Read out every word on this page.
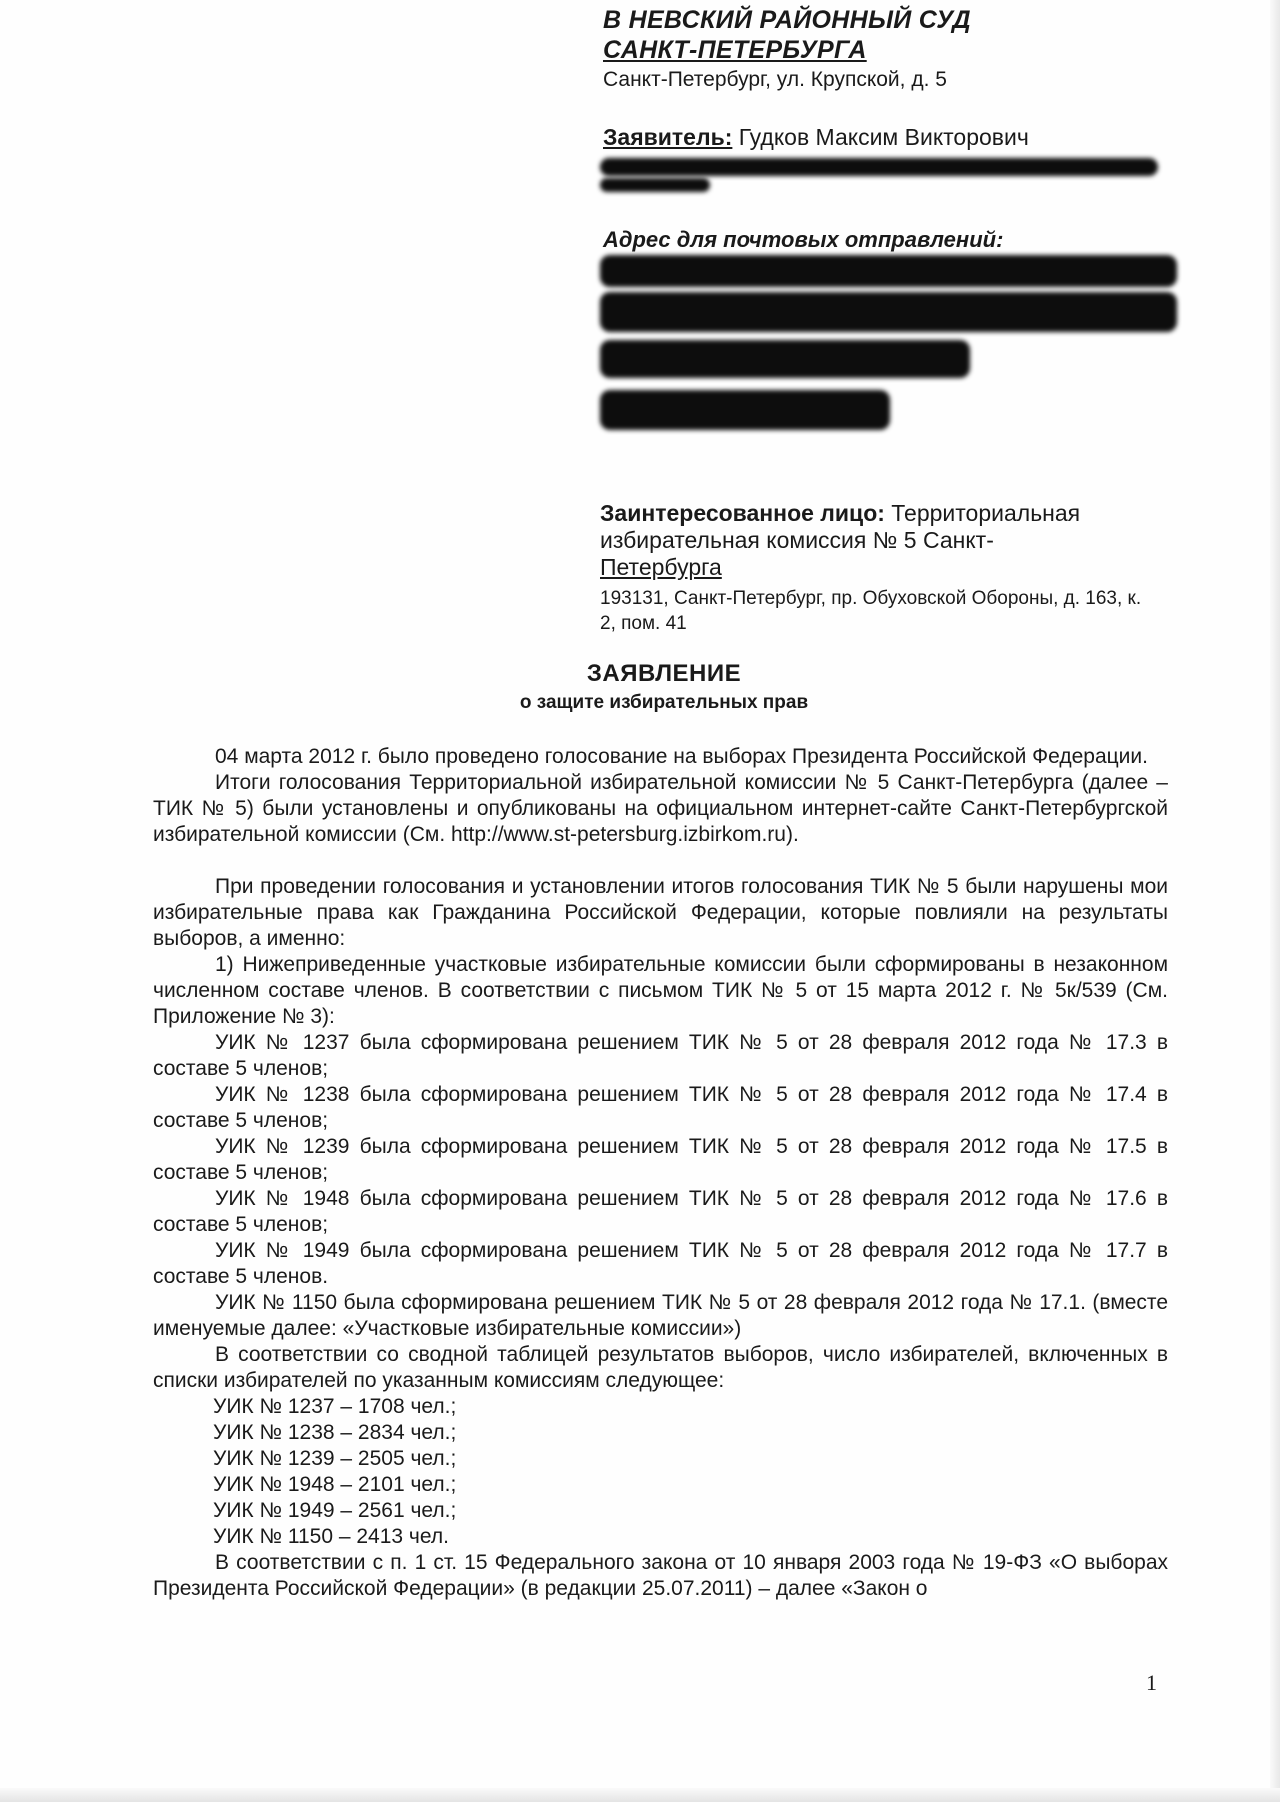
В НЕВСКИЙ РАЙОННЫЙ СУД
САНКТ-ПЕТЕРБУРГА
Санкт-Петербург, ул. Крупской, д. 5
Заявитель: Гудков Максим Викторович
Адрес для почтовых отправлений:
Заинтересованное лицо: Территориальная
избирательная комиссия № 5 Санкт-
Петербурга
193131, Санкт-Петербург, пр. Обуховской Обороны, д. 163, к. 2, пом. 41
ЗАЯВЛЕНИЕ
о защите избирательных прав

04 марта 2012 г. было проведено голосование на выборах Президента Российской Федерации.

Итоги голосования Территориальной избирательной комиссии № 5 Санкт-Петербурга (далее – ТИК № 5) были установлены и опубликованы на официальном интернет-сайте Санкт-Петербургской избирательной комиссии (См. http://www.st-petersburg.izbirkom.ru).

При проведении голосования и установлении итогов голосования ТИК № 5 были нарушены мои избирательные права как Гражданина Российской Федерации, которые повлияли на результаты выборов, а именно:

1) Нижеприведенные участковые избирательные комиссии были сформированы в незаконном численном составе членов. В соответствии с письмом ТИК № 5 от 15 марта 2012 г. № 5к/539 (См. Приложение № 3):

УИК № 1237 была сформирована решением ТИК № 5 от 28 февраля 2012 года № 17.3 в составе 5 членов;

УИК № 1238 была сформирована решением ТИК № 5 от 28 февраля 2012 года № 17.4 в составе 5 членов;

УИК № 1239 была сформирована решением ТИК № 5 от 28 февраля 2012 года № 17.5 в составе 5 членов;

УИК № 1948 была сформирована решением ТИК № 5 от 28 февраля 2012 года № 17.6 в составе 5 членов;

УИК № 1949 была сформирована решением ТИК № 5 от 28 февраля 2012 года № 17.7 в составе 5 членов.

УИК № 1150 была сформирована решением ТИК № 5 от 28 февраля 2012 года № 17.1. (вместе именуемые далее: «Участковые избирательные комиссии»)

В соответствии со сводной таблицей результатов выборов, число избирателей, включенных в списки избирателей по указанным комиссиям следующее:

УИК № 1237 – 1708 чел.;

УИК № 1238 – 2834 чел.;

УИК № 1239 – 2505 чел.;

УИК № 1948 – 2101 чел.;

УИК № 1949 – 2561 чел.;

УИК № 1150 – 2413 чел.

В соответствии с п. 1 ст. 15 Федерального закона от 10 января 2003 года № 19-ФЗ «О выборах Президента Российской Федерации» (в редакции 25.07.2011) – далее «Закон о

1
